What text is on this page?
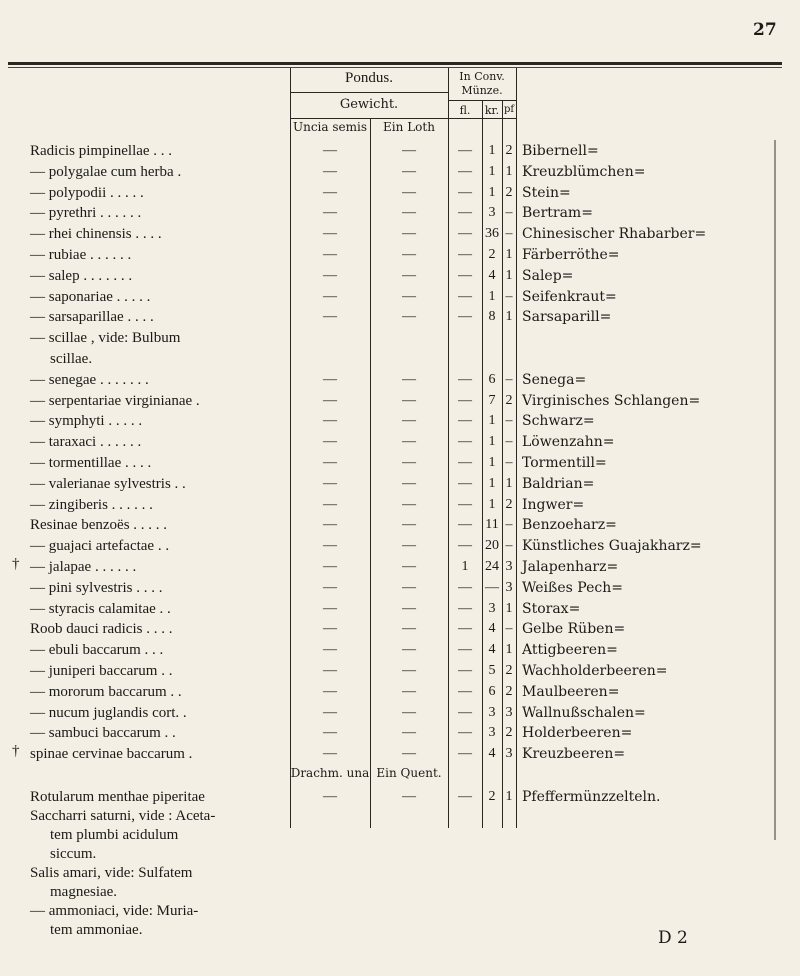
27
Pondus.
Gewicht.
In Conv.
Münze.
fl.	kr. pf
Uncia semis	Ein Loth
Radicis pimpinellae . . .	—	—	—	1 2 Bibernell=
— polygalae cum herba .	—	—	—	1 1 Kreuzblümchen=
— polypodii . . . . .	—	—	—	1 2 Stein=
— pyrethri . . . . . .	—	—	—	3 – Bertram=
— rhei chinensis . . . .	—	—	— 36 – Chinesischer Rhabarber=
— rubiae . . . . . .	—	—	—	2 1 Färberröthe=
— salep . . . . . . .	—	—	—	4 1 Salep=
— saponariae . . . . .	—	—	—	1 – Seifenkraut=
— sarsaparillae . . . .	—	—	—	8 1 Sarsaparill=
— scillae , vide: Bulbum
scillae.
— senegae . . . . . . .	—	—	—	6 – Senega=
— serpentariae virginianae .	—	—	—	7 2 Virginisches Schlangen=
— symphyti . . . . .	—	—	—	1 – Schwarz=
— taraxaci . . . . . .	—	—	—	1 – Löwenzahn=
— tormentillae . . . .	—	—	—	1 – Tormentill=
— valerianae sylvestris . .	—	—	—	1 1 Baldrian=
— zingiberis . . . . . .	—	—	—	1 2 Ingwer=
Resinae benzoës . . . . .	—	—	— 11 – Benzoeharz=
— guajaci artefactae . .	—	—	— 20 – Künstliches Guajakharz=
— jalapae . . . . . .	—	—	1	24 3 Jalapenharz=
†
— pini sylvestris . . . .	—	—	— — 3 Weißes Pech=
— styracis calamitae . .	—	—	—	3 1 Storax=
Roob dauci radicis . . . .	—	—	—	4 – Gelbe Rüben=
— ebuli baccarum . . .	—	—	—	4 1 Attigbeeren=
— juniperi baccarum . .	—	—	—	5 2 Wachholderbeeren=
— mororum baccarum . .	—	—	—	6 2 Maulbeeren=
— nucum juglandis cort. .	—	—	—	3 3 Wallnußschalen=
— sambuci baccarum . .	—	—	—	3 2 Holderbeeren=
spinae cervinae baccarum .	—	—	—	4 3 Kreuzbeeren=
†
Drachm. una Ein Quent.
Rotularum menthae piperitae	—	—	—	2 1 Pfeffermünzzelteln.
Saccharri saturni, vide : Aceta-
tem plumbi acidulum
siccum.
Salis amari, vide: Sulfatem
magnesiae.
— ammoniaci, vide: Muria-
tem ammoniae.	D 2
